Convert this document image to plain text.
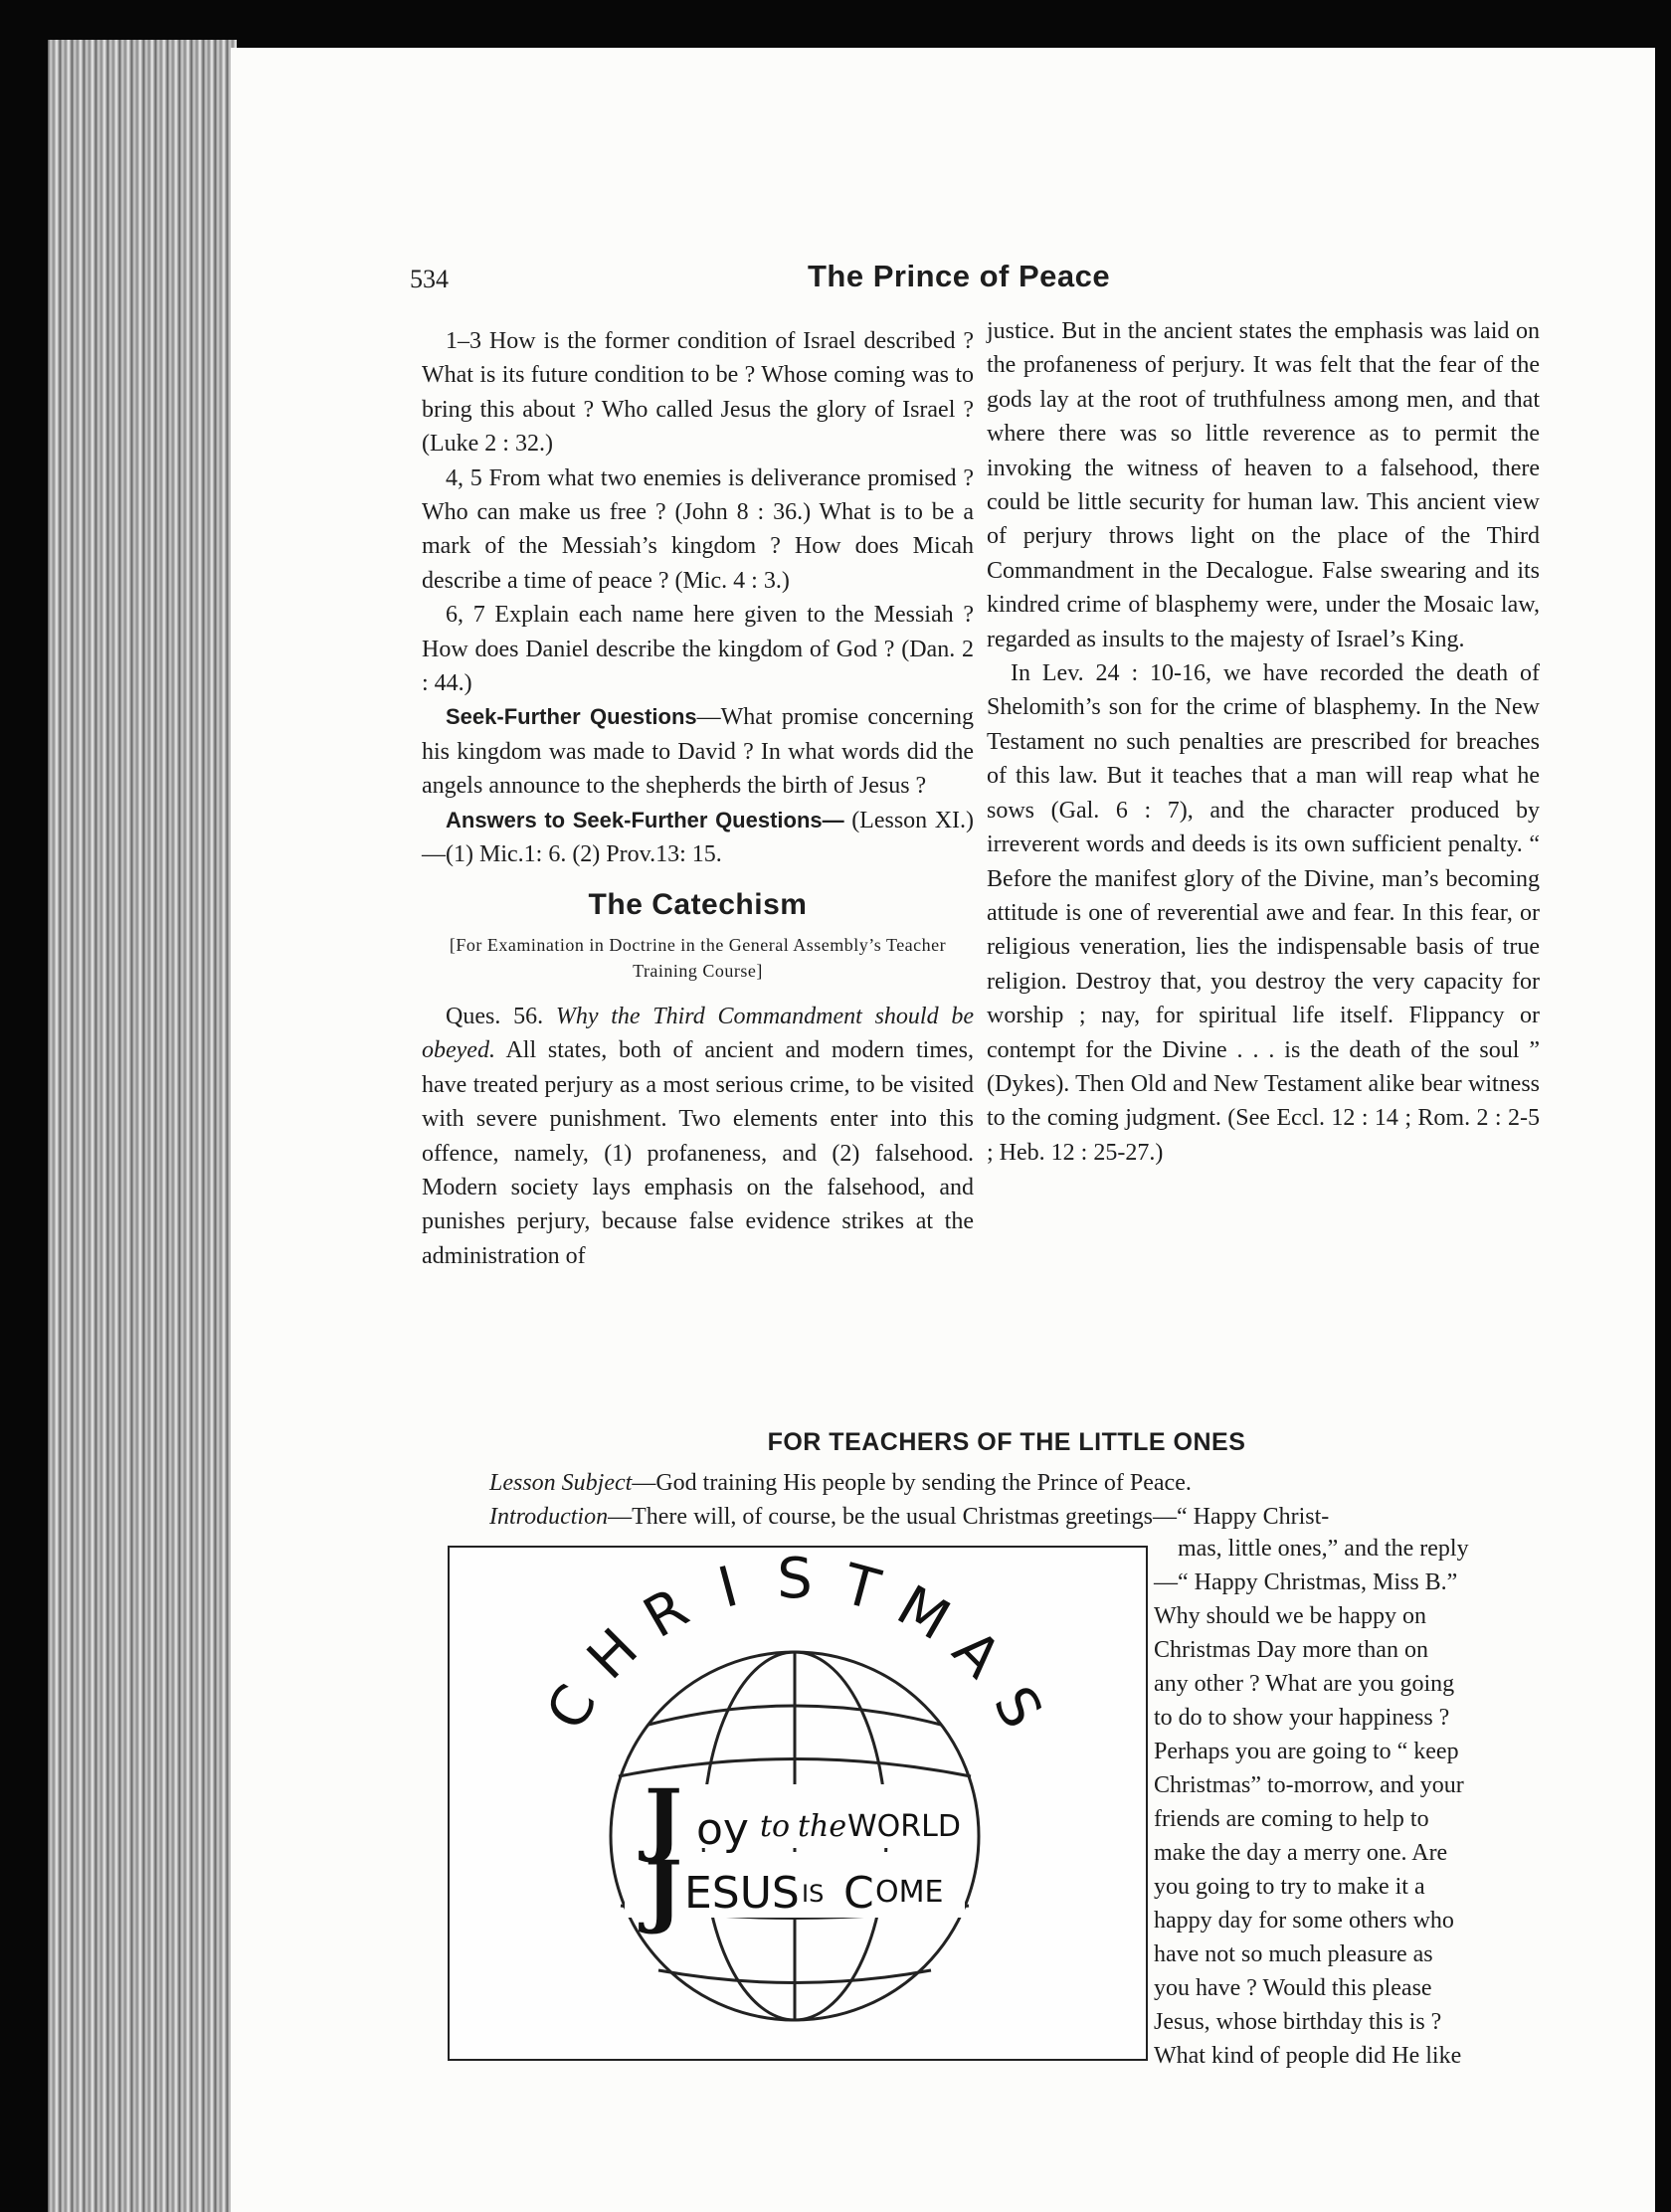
534	The Prince of Peace

1–3 How is the former condition of Israel described ? What is its future condition to be ? Whose coming was to bring this about ? Who called Jesus the glory of Israel ? (Luke 2 : 32.)

4, 5 From what two enemies is deliverance promised ? Who can make us free ? (John 8 : 36.) What is to be a mark of the Messiah’s kingdom ? How does Micah describe a time of peace ? (Mic. 4 : 3.)

6, 7 Explain each name here given to the Messiah ? How does Daniel describe the kingdom of God ? (Dan. 2 : 44.)

Seek-Further Questions—What promise concerning his kingdom was made to David ? In what words did the angels announce to the shepherds the birth of Jesus ?

Answers to Seek-Further Questions— (Lesson XI.)—(1) Mic.1: 6. (2) Prov.13: 15.

The Catechism

[For Examination in Doctrine in the General Assembly’s Teacher Training Course]

Ques. 56. Why the Third Commandment should be obeyed. All states, both of ancient and modern times, have treated perjury as a most serious crime, to be visited with severe punishment. Two elements enter into this offence, namely, (1) profaneness, and (2) falsehood. Modern society lays emphasis on the falsehood, and punishes perjury, because false evidence strikes at the administration of

justice. But in the ancient states the emphasis was laid on the profaneness of perjury. It was felt that the fear of the gods lay at the root of truthfulness among men, and that where there was so little reverence as to permit the invoking the witness of heaven to a falsehood, there could be little security for human law. This ancient view of perjury throws light on the place of the Third Commandment in the Decalogue. False swearing and its kindred crime of blasphemy were, under the Mosaic law, regarded as insults to the majesty of Israel’s King.

In Lev. 24 : 10-16, we have recorded the death of Shelomith’s son for the crime of blasphemy. In the New Testament no such penalties are prescribed for breaches of this law. But it teaches that a man will reap what he sows (Gal. 6 : 7), and the character produced by irreverent words and deeds is its own sufficient penalty. “ Before the manifest glory of the Divine, man’s becoming attitude is one of reverential awe and fear. In this fear, or religious veneration, lies the indispensable basis of true religion. Destroy that, you destroy the very capacity for worship ; nay, for spiritual life itself. Flippancy or contempt for the Divine . . . is the death of the soul ” (Dykes). Then Old and New Testament alike bear witness to the coming judgment. (See Eccl. 12 : 14 ; Rom. 2 : 2-5 ; Heb. 12 : 25-27.)

FOR TEACHERS OF THE LITTLE ONES
Lesson Subject—God training His people by sending the Prince of Peace.
Introduction—There will, of course, be the usual Christmas greetings—“ Happy Christ-
mas, little ones,” and the reply
—“ Happy Christmas, Miss B.”
Why should we be happy on
Christmas Day more than on
any other ? What are you going
to do to show your happiness ?
Perhaps you are going to “ keep
Christmas” to-morrow, and your
friends are coming to help to
make the day a merry one. Are
you going to try to make it a
happy day for some others who
have not so much pleasure as
you have ? Would this please
Jesus, whose birthday this is ?
What kind of people did He like
C
H
R I S T M
A
S
J oy to the WORLD
J ESUS IS C OME
